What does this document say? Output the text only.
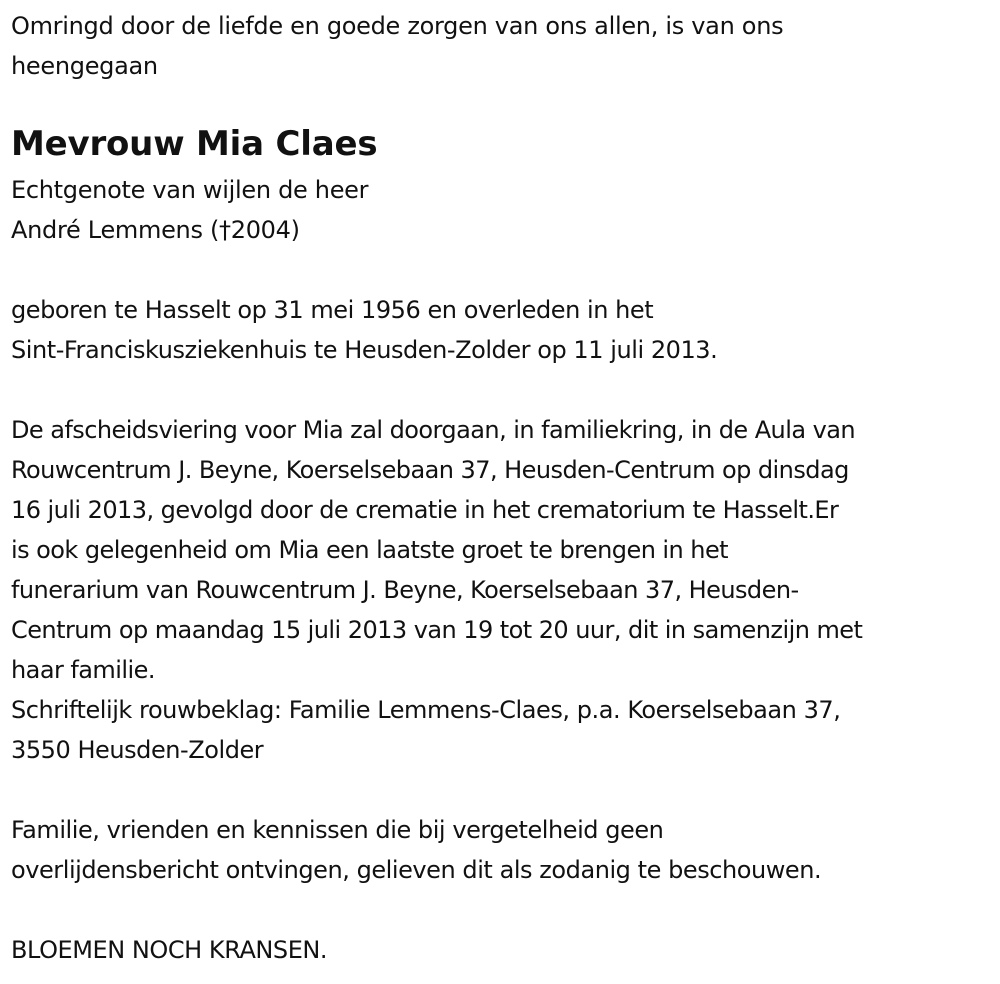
Omringd door de liefde en goede zorgen van ons allen, is van ons
heengegaan
Mevrouw Mia Claes
Echtgenote van wijlen de heer
André Lemmens (†2004)
geboren te Hasselt op 31 mei 1956 en overleden in het
Sint-Franciskusziekenhuis te Heusden-Zolder op 11 juli 2013.
De afscheidsviering voor Mia zal doorgaan, in familiekring, in de Aula van
Rouwcentrum J. Beyne, Koerselsebaan 37, Heusden-Centrum op dinsdag
16 juli 2013, gevolgd door de crematie in het crematorium te Hasselt.Er
is ook gelegenheid om Mia een laatste groet te brengen in het
funerarium van Rouwcentrum J. Beyne, Koerselsebaan 37, Heusden-
Centrum op maandag 15 juli 2013 van 19 tot 20 uur, dit in samenzijn met
haar familie.
Schriftelijk rouwbeklag: Familie Lemmens-Claes, p.a. Koerselsebaan 37,
3550 Heusden-Zolder
Familie, vrienden en kennissen die bij vergetelheid geen
overlijdensbericht ontvingen, gelieven dit als zodanig te beschouwen.
BLOEMEN NOCH KRANSEN.
